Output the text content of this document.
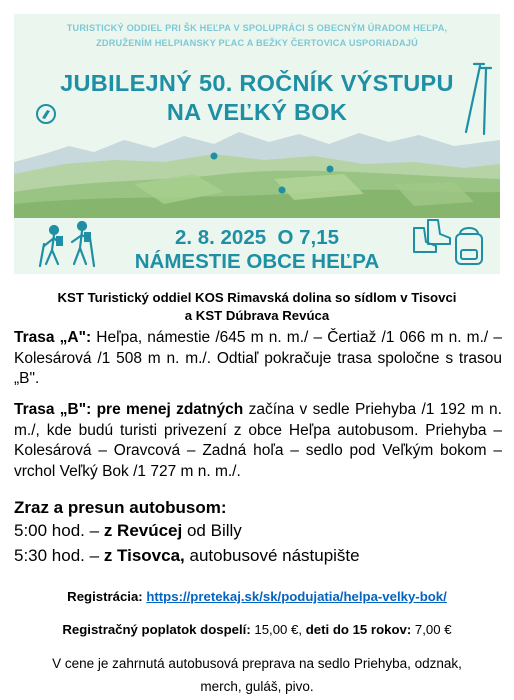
TURISTICKÝ ODDIEL PRI ŠK HEĽPA V SPOLUPRÁCI S OBECNÝM ÚRADOM HEĽPA,
ZDRUŽENÍM HELPIANSKY PĽAC A BEŽKY ČERTOVICA USPORIADAJÚ
JUBILEJNÝ 50. ROČNÍK VÝSTUPU
NA VEĽKÝ BOK
2. 8. 2025  O 7,15
NÁMESTIE OBCE HEĽPA
KST Turistický oddiel KOS Rimavská dolina so sídlom v Tisovci
a KST Dúbrava Revúca
Trasa „A": Heľpa, námestie /645 m n. m./ – Čertiaž /1 066 m n. m./ – Kolesárová /1 508 m n. m./. Odtiaľ pokračuje trasa spoločne s trasou „B".
Trasa „B": pre menej zdatných začína v sedle Priehyba /1 192 m n. m./, kde budú turisti privezení z obce Heľpa autobusom. Priehyba – Kolesárová – Oravcová – Zadná hoľa – sedlo pod Veľkým bokom – vrchol Veľký Bok /1 727 m n. m./.
Zraz a presun autobusom:
5:00 hod. – z Revúcej od Billy
5:30 hod. – z Tisovca, autobusové nástupište
Registrácia: https://pretekaj.sk/sk/podujatia/helpa-velky-bok/
Registračný poplatok dospelí: 15,00 €, deti do 15 rokov: 7,00 €
V cene je zahrnutá autobusová preprava na sedlo Priehyba, odznak,
merch, guláš, pivo.
